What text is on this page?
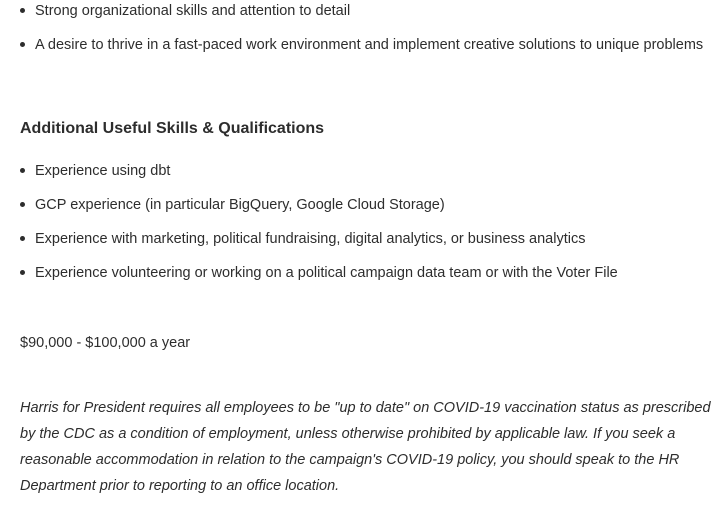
Strong organizational skills and attention to detail
A desire to thrive in a fast-paced work environment and implement creative solutions to unique problems
Additional Useful Skills & Qualifications
Experience using dbt
GCP experience (in particular BigQuery, Google Cloud Storage)
Experience with marketing, political fundraising, digital analytics, or business analytics
Experience volunteering or working on a political campaign data team or with the Voter File
$90,000 - $100,000 a year

Harris for President requires all employees to be "up to date" on COVID-19 vaccination status as prescribed
by the CDC as a condition of employment, unless otherwise prohibited by applicable law. If you seek a
reasonable accommodation in relation to the campaign's COVID-19 policy, you should speak to the HR
Department prior to reporting to an office location.
